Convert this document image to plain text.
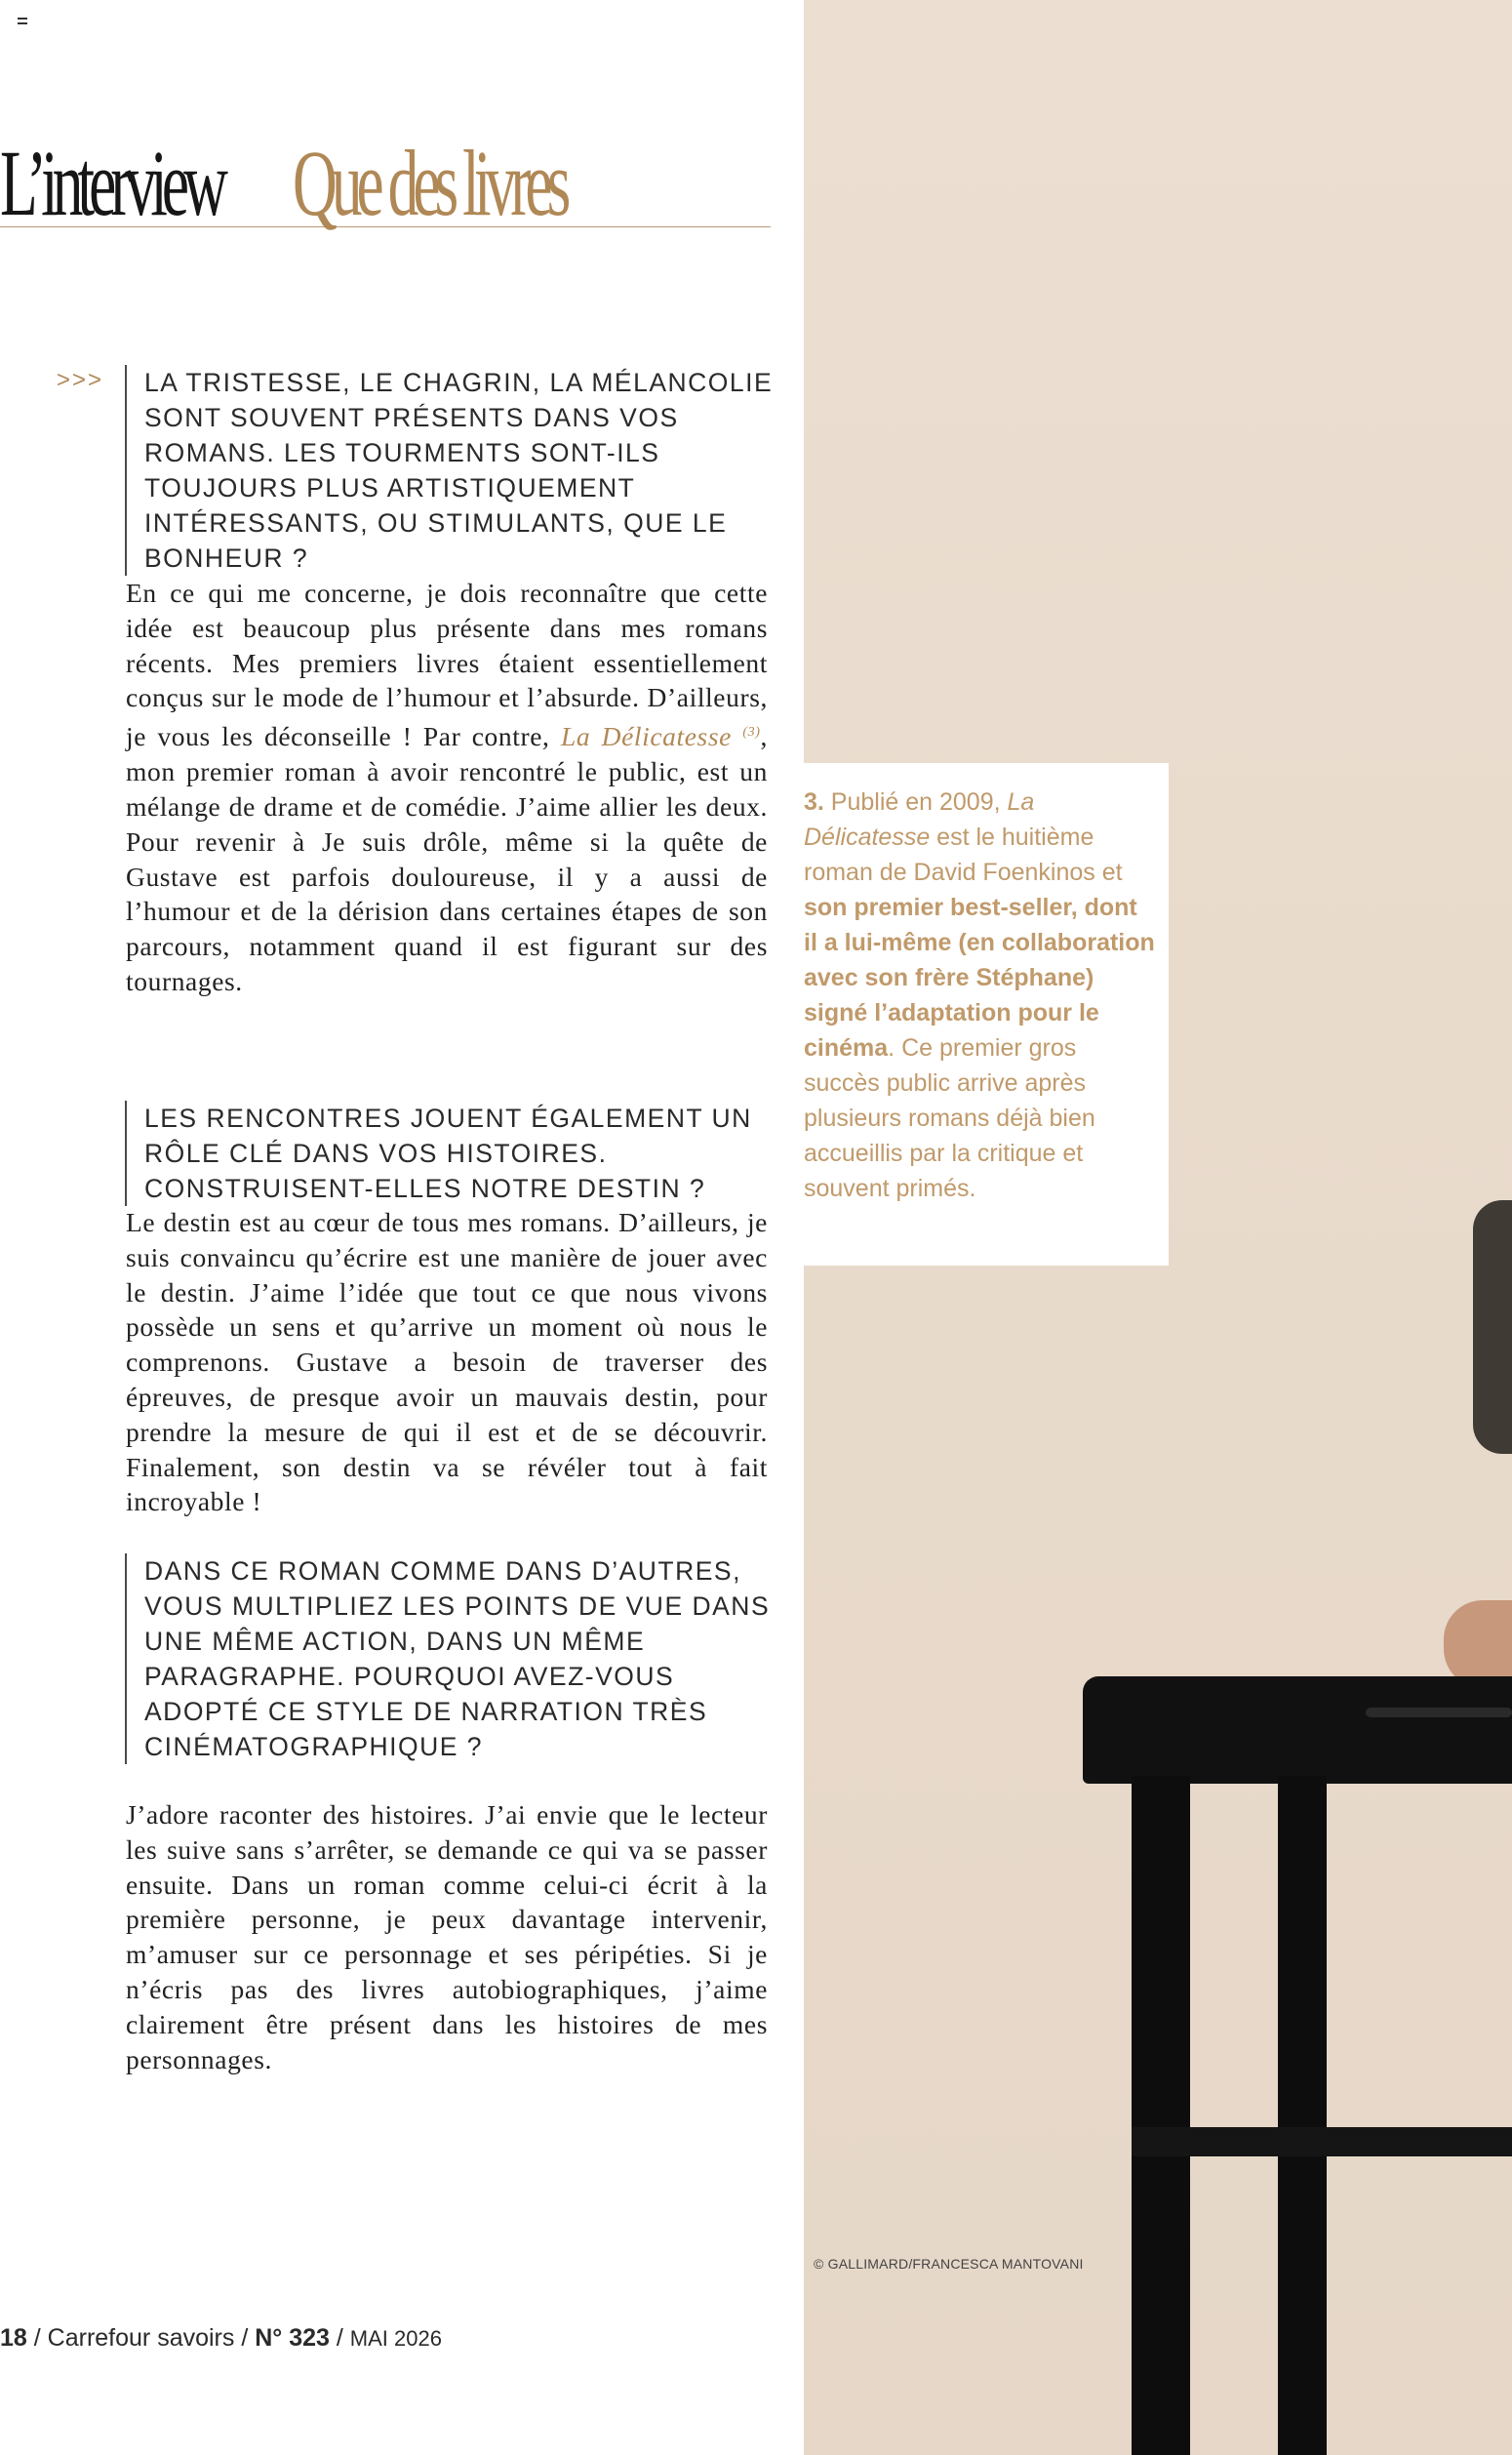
© GALLIMARD/FRANCESCA MANTOVANI
L’interview Que des livres
>>>	LA TRISTESSE, LE CHAGRIN, LA MÉLANCOLIE SONT SOUVENT PRÉSENTS DANS VOS ROMANS. LES TOURMENTS SONT-ILS TOUJOURS PLUS ARTISTIQUEMENT INTÉRESSANTS, OU STIMULANTS, QUE LE BONHEUR ?
En ce qui me concerne, je dois reconnaître que cette idée est beaucoup plus présente dans mes romans récents. Mes premiers livres étaient essentiellement conçus sur le mode de l’humour et l’absurde. D’ailleurs, je vous les déconseille ! Par contre, La Délicatesse $^{(3)}$, mon premier roman à avoir rencontré le public, est un mélange de drame et de comédie. J’aime allier les deux. Pour revenir à Je suis drôle, même si la quête de Gustave est parfois douloureuse, il y a aussi de l’humour et de la dérision dans certaines étapes de son parcours, notamment quand il est figurant sur des tournages.
LES RENCONTRES JOUENT ÉGALEMENT UN RÔLE CLÉ DANS VOS HISTOIRES. CONSTRUISENT-ELLES NOTRE DESTIN ?
Le destin est au cœur de tous mes romans. D’ailleurs, je suis convaincu qu’écrire est une manière de jouer avec le destin. J’aime l’idée que tout ce que nous vivons possède un sens et qu’arrive un moment où nous le comprenons. Gustave a besoin de traverser des épreuves, de presque avoir un mauvais destin, pour prendre la mesure de qui il est et de se découvrir. Finalement, son destin va se révéler tout à fait incroyable !
DANS CE ROMAN COMME DANS D’AUTRES, VOUS MULTIPLIEZ LES POINTS DE VUE DANS UNE MÊME ACTION, DANS UN MÊME PARAGRAPHE. POURQUOI AVEZ-VOUS ADOPTÉ CE STYLE DE NARRATION TRÈS CINÉMATOGRAPHIQUE ?
J’adore raconter des histoires. J’ai envie que le lecteur les suive sans s’arrêter, se demande ce qui va se passer ensuite. Dans un roman comme celui-ci écrit à la première personne, je peux davantage intervenir, m’amuser sur ce personnage et ses péripéties. Si je n’écris pas des livres autobiographiques, j’aime clairement être présent dans les histoires de mes personnages.

3. Publié en 2009, La Délicatesse est le huitième roman de David Foenkinos et son premier best-seller, dont il a lui-même (en collaboration avec son frère Stéphane) signé l’adaptation pour le cinéma. Ce premier gros succès public arrive après plusieurs romans déjà bien accueillis par la critique et souvent primés.

18 / Carrefour savoirs / N° 323 / MAI 2026
